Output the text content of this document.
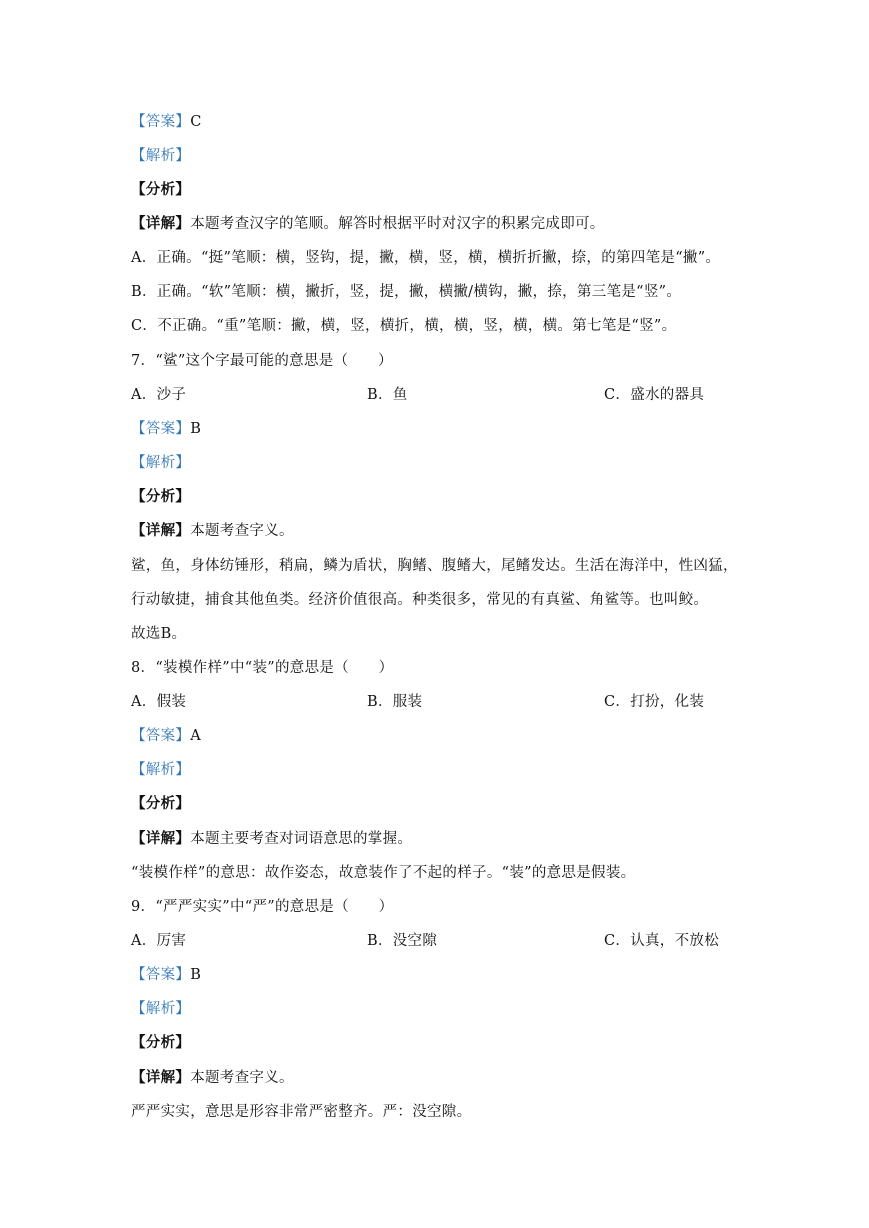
【答案】C
【解析】
【分析】
【详解】本题考查汉字的笔顺。解答时根据平时对汉字的积累完成即可。
A．正确。“挺”笔顺：横，竖钩，提，撇，横，竖，横，横折折撇，捺，的第四笔是“撇”。
B．正确。“软”笔顺：横，撇折，竖，提，撇，横撇/横钩，撇，捺，第三笔是“竖”。
C．不正确。“重”笔顺：撇，横，竖，横折，横，横，竖，横，横。第七笔是“竖”。
7．“鲨”这个字最可能的意思是（　　）
A．沙子	B．鱼	C．盛水的器具
【答案】B
【解析】
【分析】
【详解】本题考查字义。
鲨，鱼，身体纺锤形，稍扁，鳞为盾状，胸鳍、腹鳍大，尾鳍发达。生活在海洋中，性凶猛，
行动敏捷，捕食其他鱼类。经济价值很高。种类很多，常见的有真鲨、角鲨等。也叫鲛。
故选B。
8．“装模作样”中“装”的意思是（　　）
A．假装	B．服装	C．打扮，化装
【答案】A
【解析】
【分析】
【详解】本题主要考查对词语意思的掌握。
“装模作样”的意思：故作姿态，故意装作了不起的样子。“装”的意思是假装。
9．“严严实实”中“严”的意思是（　　）
A．厉害	B．没空隙	C．认真，不放松
【答案】B
【解析】
【分析】
【详解】本题考查字义。
严严实实，意思是形容非常严密整齐。严：没空隙。
